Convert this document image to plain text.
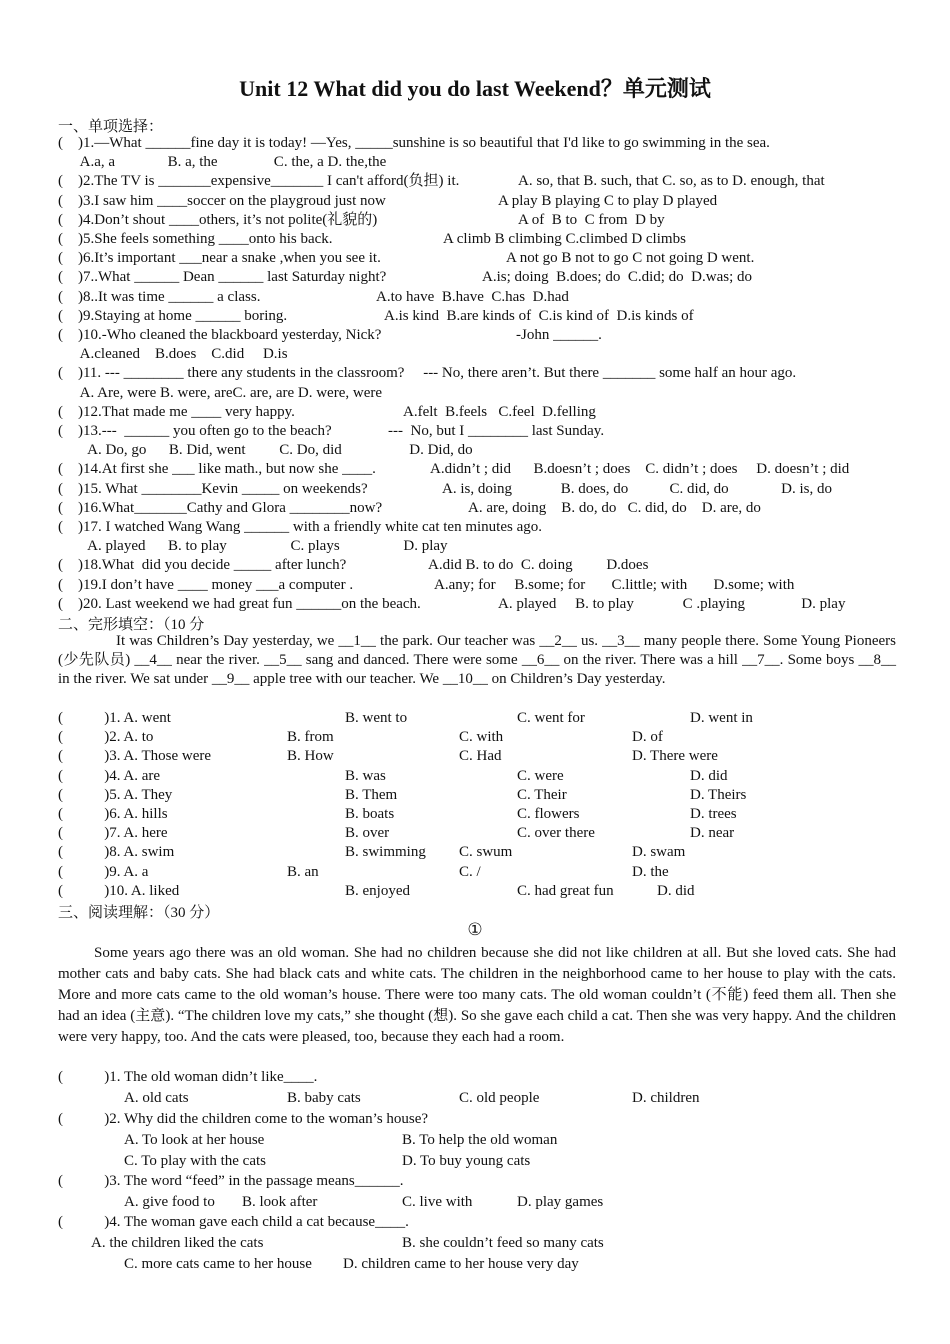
Unit 12 What did you do last Weekend？单元测试
一、单项选择：
(    )1.—What ______fine day it is today! —Yes, _____sunshine is so beautiful that I'd like to go swimming in the sea.
A.a, a              B. a, the               C. the, a D. the,the
(    )2.The TV is _______expensive_______ I can't afford(负担) it.	A. so, that B. such, that C. so, as to D. enough, that
(    )3.I saw him ____soccer on the playgroud just now	A play B playing C to play D played
(    )4.Don’t shout ____others, it’s not polite(礼貌的)	A of  B to  C from  D by
(    )5.She feels something ____onto his back.	A climb B climbing C.climbed D climbs
(    )6.It’s important ___near a snake ,when you see it.	A not go B not to go C not going D went.
(    )7..What ______ Dean ______ last Saturday night?	A.is; doing  B.does; do  C.did; do  D.was; do
(    )8..It was time ______ a class.	A.to have  B.have  C.has  D.had
(    )9.Staying at home ______ boring.	A.is kind  B.are kinds of  C.is kind of  D.is kinds of
(    )10.-Who cleaned the blackboard yesterday, Nick?	-John ______.
A.cleaned    B.does    C.did     D.is
(    )11. --- ________ there any students in the classroom?     --- No, there aren’t. But there _______ some half an hour ago.
A. Are, were B. were, areC. are, are D. were, were
(    )12.That made me ____ very happy.	A.felt  B.feels   C.feel  D.felling
(    )13.---  ______ you often go to the beach?	---  No, but I ________ last Sunday.
A. Do, go      B. Did, went         C. Do, did                  D. Did, do
(    )14.At first she ___ like math., but now she ____.	A.didn’t ; did      B.doesn’t ; does    C. didn’t ; does     D. doesn’t ; did
(    )15. What ________Kevin _____ on weekends?	A. is, doing             B. does, do           C. did, do              D. is, do
(    )16.What_______Cathy and Glora ________now?	A. are, doing    B. do, do   C. did, do    D. are, do
(    )17. I watched Wang Wang ______ with a friendly white cat ten minutes ago.
A. played      B. to play                 C. plays                 D. play
(    )18.What  did you decide _____ after lunch?	A.did B. to do  C. doing         D.does
(    )19.I don’t have ____ money ___a computer .	A.any; for     B.some; for       C.little; with       D.some; with
(    )20. Last weekend we had great fun ______on the beach.	A. played     B. to play             C .playing               D. play
二、完形填空：（10 分
It was Children’s Day yesterday, we __1__ the park. Our teacher was __2__ us. __3__ many people there. Some Young Pioneers (少先队员) __4__ near the river. __5__ sang and danced. There were some __6__ on the river. There was a hill __7__. Some boys __8__ in the river. We sat under __9__ apple tree with our teacher. We __10__ on Children’s Day yesterday.
(           )1. A. went	B. went to	C. went for	D. went in
(           )2. A. to	B. from	C. with	D. of
(           )3. A. Those were	B. How	C. Had	D. There were
(           )4. A. are	B. was	C. were	D. did
(           )5. A. They	B. Them	C. Their	D. Theirs
(           )6. A. hills	B. boats	C. flowers	D. trees
(           )7. A. here	B. over	C. over there	D. near
(           )8. A. swim	B. swimming C. swum	D. swam
(           )9. A. a	B. an	C. /	D. the
(           )10. A. liked	B. enjoyed	C. had great fun	D. did
三、阅读理解：（30 分）
①
Some years ago there was an old woman. She had no children because she did not like children at all. But she loved cats. She had mother cats and baby cats. She had black cats and white cats. The children in the neighborhood came to her house to play with the cats. More and more cats came to the old woman’s house. There were too many cats. The old woman couldn’t (不能) feed them all. Then she had an idea (主意). “The children love my cats,” she thought (想). So she gave each child a cat. Then she was very happy. And the children were very happy, too. And the cats were pleased, too, because they each had a room.
(           )1. The old woman didn’t like____.
A. old cats	B. baby cats	C. old people	D. children
(           )2. Why did the children come to the woman’s house?
A. To look at her house	B. To help the old woman
C. To play with the cats	D. To buy young cats
(           )3. The word “feed” in the passage means______.
A. give food to B. look after	C. live with	D. play games
(           )4. The woman gave each child a cat because____.
A. the children liked the cats	B. she couldn’t feed so many cats
C. more cats came to her house D. children came to her house very day
